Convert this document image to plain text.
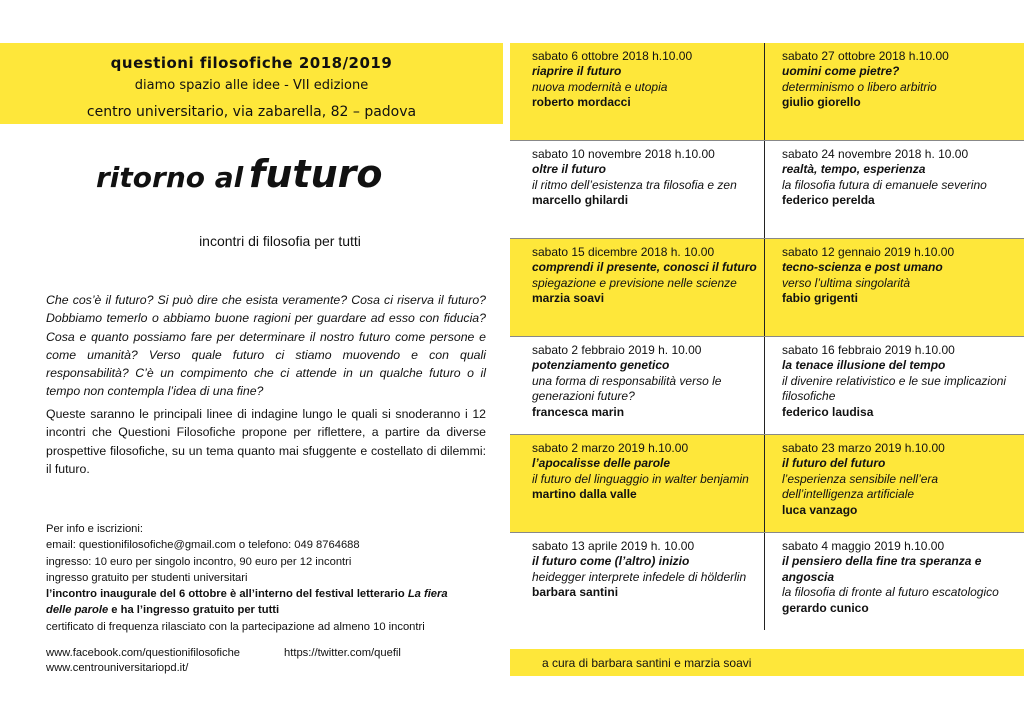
questioni filosofiche 2018/2019
diamo spazio alle idee - VII edizione
centro universitario, via zabarella, 82 – padova
ritorno al futuro
incontri di filosofia per tutti
Che cos’è il futuro? Si può dire che esista veramente? Cosa ci riserva il futuro? Dobbiamo temerlo o abbiamo buone ragioni per guardare ad esso con fiducia? Cosa e quanto possiamo fare per determinare il nostro futuro come persone e come umanità? Verso quale futuro ci stiamo muovendo e con quali responsabilità? C’è un compimento che ci attende in un qualche futuro o il tempo non contempla l’idea di una fine?
Queste saranno le principali linee di indagine lungo le quali si snoderanno i 12 incontri che Questioni Filosofiche propone per riflettere, a partire da diverse prospettive filosofiche, su un tema quanto mai sfuggente e costellato di dilemmi: il futuro.
Per info e iscrizioni:
email: questionifilosofiche@gmail.com o telefono: 049 8764688
ingresso: 10 euro per singolo incontro, 90 euro per 12 incontri
ingresso gratuito per studenti universitari
l’incontro inaugurale del 6 ottobre è all’interno del festival letterario La fiera
delle parole e ha l’ingresso gratuito per tutti
certificato di frequenza rilasciato con la partecipazione ad almeno 10 incontri
www.facebook.com/questionifilosofiche	https://twitter.com/quefil
www.centrouniversitariopd.it/
sabato 6 ottobre 2018 h.10.00
riaprire il futuro
nuova modernità e utopia
roberto mordacci
sabato 27 ottobre 2018 h.10.00
uomini come pietre?
determinismo o libero arbitrio
giulio giorello
sabato 10 novembre 2018 h.10.00
oltre il futuro
il ritmo dell’esistenza tra filosofia e zen
marcello ghilardi
sabato 24 novembre 2018 h. 10.00
realtà, tempo, esperienza
la filosofia futura di emanuele severino
federico perelda
sabato 15 dicembre 2018 h. 10.00
comprendi il presente, conosci il futuro
spiegazione e previsione nelle scienze
marzia soavi
sabato 12 gennaio 2019 h.10.00
tecno-scienza e post umano
verso l’ultima singolarità
fabio grigenti
sabato 2 febbraio 2019 h. 10.00
potenziamento genetico
una forma di responsabilità verso le generazioni future?
francesca marin
sabato 16 febbraio 2019 h.10.00
la tenace illusione del tempo
il divenire relativistico e le sue implicazioni filosofiche
federico laudisa
sabato 2 marzo 2019 h.10.00
l’apocalisse delle parole
il futuro del linguaggio in walter benjamin
martino dalla valle
sabato 23 marzo 2019 h.10.00
il futuro del futuro
l’esperienza sensibile nell’era dell’intelligenza artificiale
luca vanzago
sabato 13 aprile 2019 h. 10.00
il futuro come (l’altro) inizio
heidegger interprete infedele di hölderlin
barbara santini
sabato 4 maggio 2019 h.10.00
il pensiero della fine tra speranza e angoscia
la filosofia di fronte al futuro escatologico
gerardo cunico
a cura di barbara santini e marzia soavi
